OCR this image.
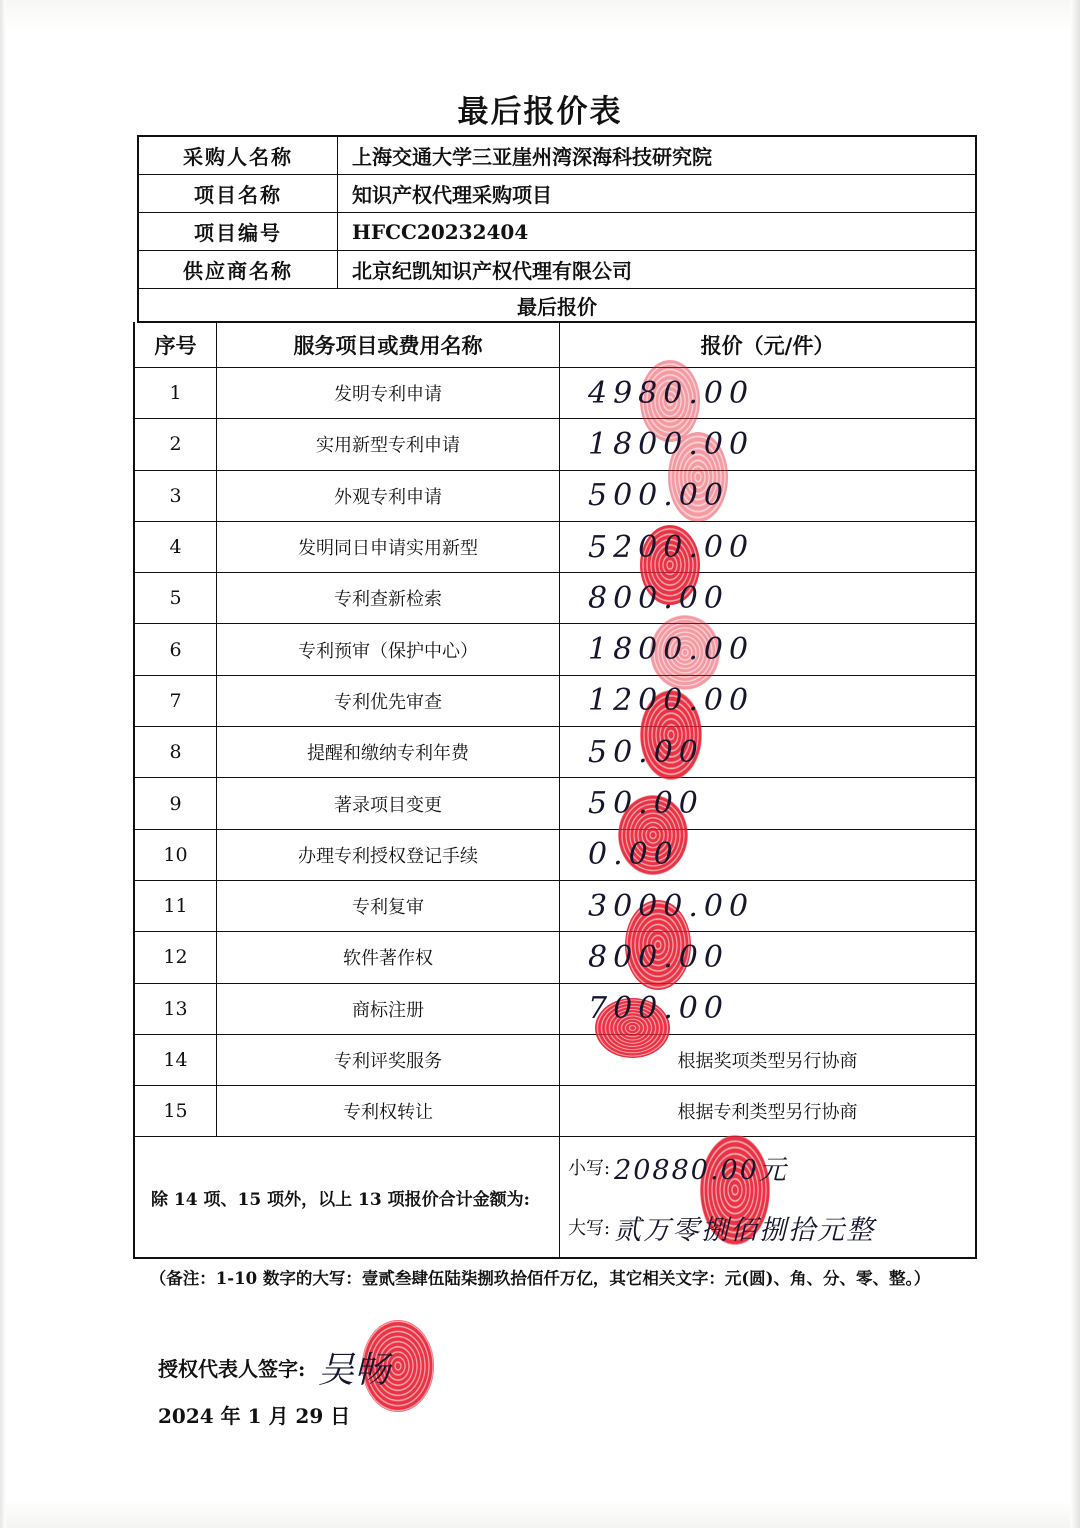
最后报价表
采购人名称	上海交通大学三亚崖州湾深海科技研究院
项目名称	知识产权代理采购项目
项目编号	HFCC20232404
供应商名称	北京纪凯知识产权代理有限公司
最后报价
序号	服务项目或费用名称	报价（元/件）
1	发明专利申请	4980.00
2	实用新型专利申请	1800.00
3	外观专利申请	500.00
4	发明同日申请实用新型	5200.00
5	专利查新检索	800.00
6	专利预审（保护中心）	1800.00
7	专利优先审查	1200.00
8	提醒和缴纳专利年费	50.00
9	著录项目变更	50.00
10	办理专利授权登记手续	0.00
11	专利复审	3000.00
12	软件著作权	800.00
13	商标注册	700.00
14	专利评奖服务	根据奖项类型另行协商
15	专利权转让	根据专利类型另行协商
除 14 项、15 项外，以上 13 项报价合计金额为:
小写: 20880.00元
大写: 贰万零捌佰捌拾元整
（备注：1-10 数字的大写：壹贰叁肆伍陆柒捌玖拾佰仟万亿，其它相关文字：元(圆)、角、分、零、整。）
授权代表人签字: 吴畅
2024 年 1 月 29 日
